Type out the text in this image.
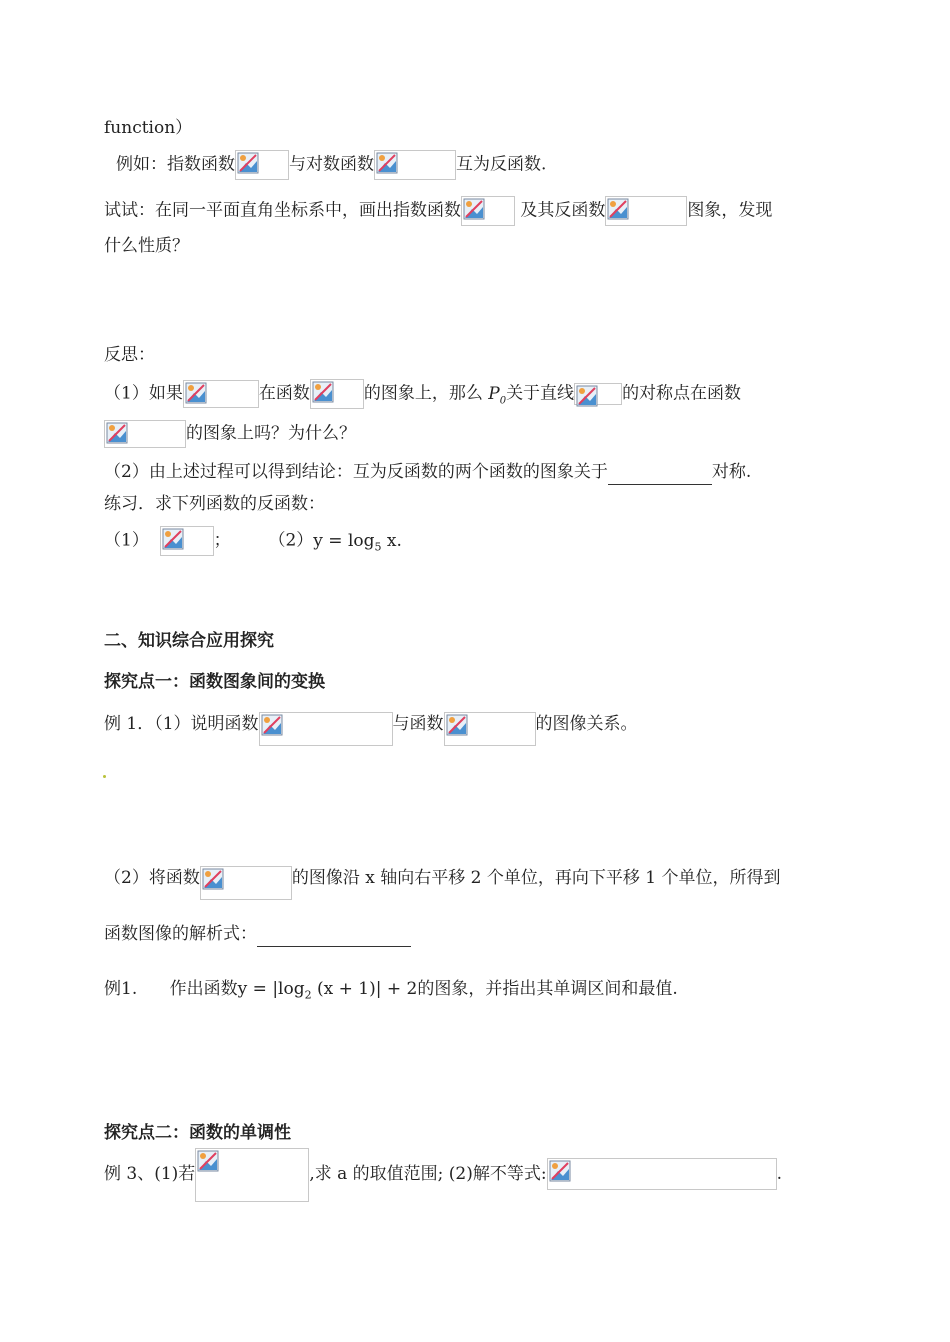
function）
例如：指数函数	与对数函数	互为反函数.
试试：在同一平面直角坐标系中，画出指数函数	及其反函数	图象，发现
什么性质？
反思：
（1）如果	在函数	的图象上，那么 $P_0$关于直线	的对称点在函数
的图象上吗？为什么？
（2）由上述过程可以得到结论：互为反函数的两个函数的图象关于	对称.
练习．求下列函数的反函数：
（1）	； $(2)y = \log_5 x$.
二、知识综合应用探究
探究点一：函数图象间的变换
例 1．（1）说明函数	与函数	的图像关系。
（2）将函数	的图像沿 x 轴向右平移 2 个单位，再向下平移 1 个单位，所得到
函数图像的解析式：
例1. 作出函数$y = |\log_2$ (x + 1)| + 2的图象，并指出其单调区间和最值.
探究点二：函数的单调性
例 3、(1)若	,求 a 的取值范围; (2)解不等式:	.
